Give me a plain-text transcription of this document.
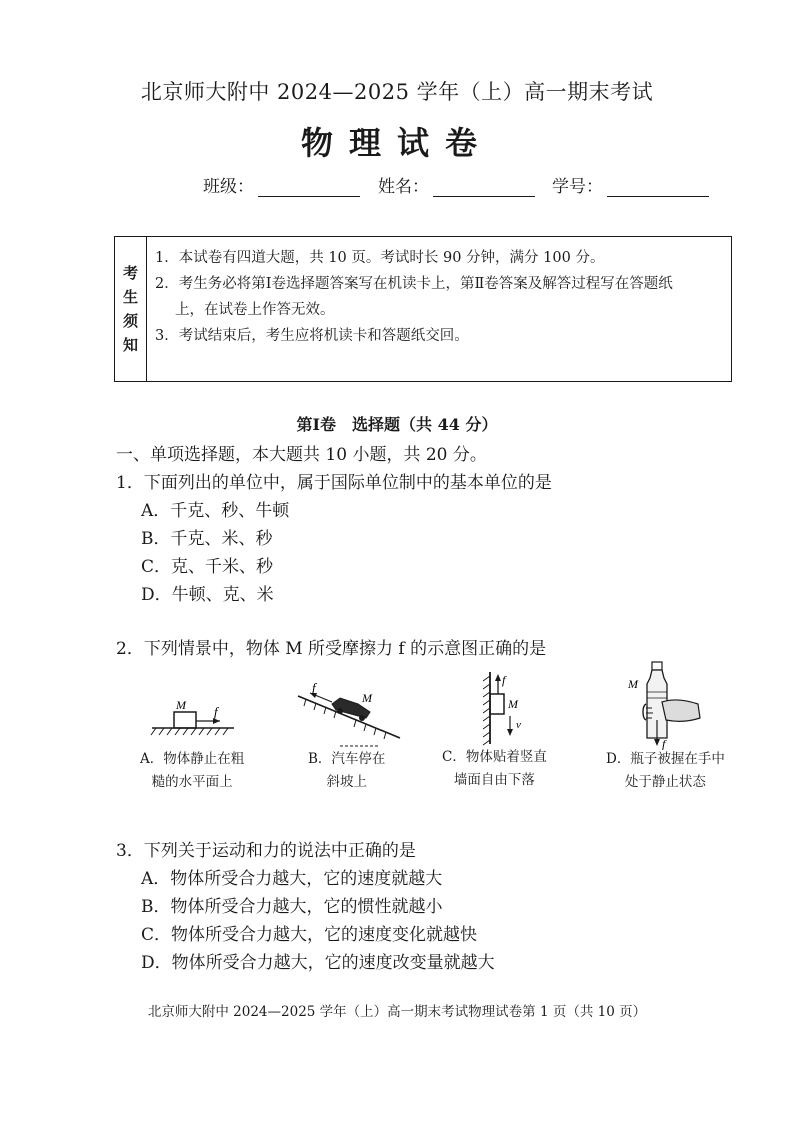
北京师大附中 2024—2025 学年（上）高一期末考试
物理试卷
班级：	姓名：	学号：
考
生
须
知
1．本试卷有四道大题，共 10 页。考试时长 90 分钟，满分 100 分。
2．考生务必将第Ⅰ卷选择题答案写在机读卡上，第Ⅱ卷答案及解答过程写在答题纸
上，在试卷上作答无效。
3．考试结束后，考生应将机读卡和答题纸交回。
第Ⅰ卷　选择题（共 44 分）
一、单项选择题，本大题共 10 小题，共 20 分。
1．下面列出的单位中，属于国际单位制中的基本单位的是
A．千克、秒、牛顿
B．千克、米、秒
C．克、千米、秒
D．牛顿、克、米
2．下列情景中，物体 M 所受摩擦力 f 的示意图正确的是
M f
A．物体静止在粗
糙的水平面上
f
M
B．汽车停在
斜坡上
f
M
v
C．物体贴着竖直
墙面自由下落
M
f
D．瓶子被握在手中
处于静止状态
3．下列关于运动和力的说法中正确的是
A．物体所受合力越大，它的速度就越大
B．物体所受合力越大，它的惯性就越小
C．物体所受合力越大，它的速度变化就越快
D．物体所受合力越大，它的速度改变量就越大
北京师大附中 2024—2025 学年（上）高一期末考试物理试卷第 1 页（共 10 页）
